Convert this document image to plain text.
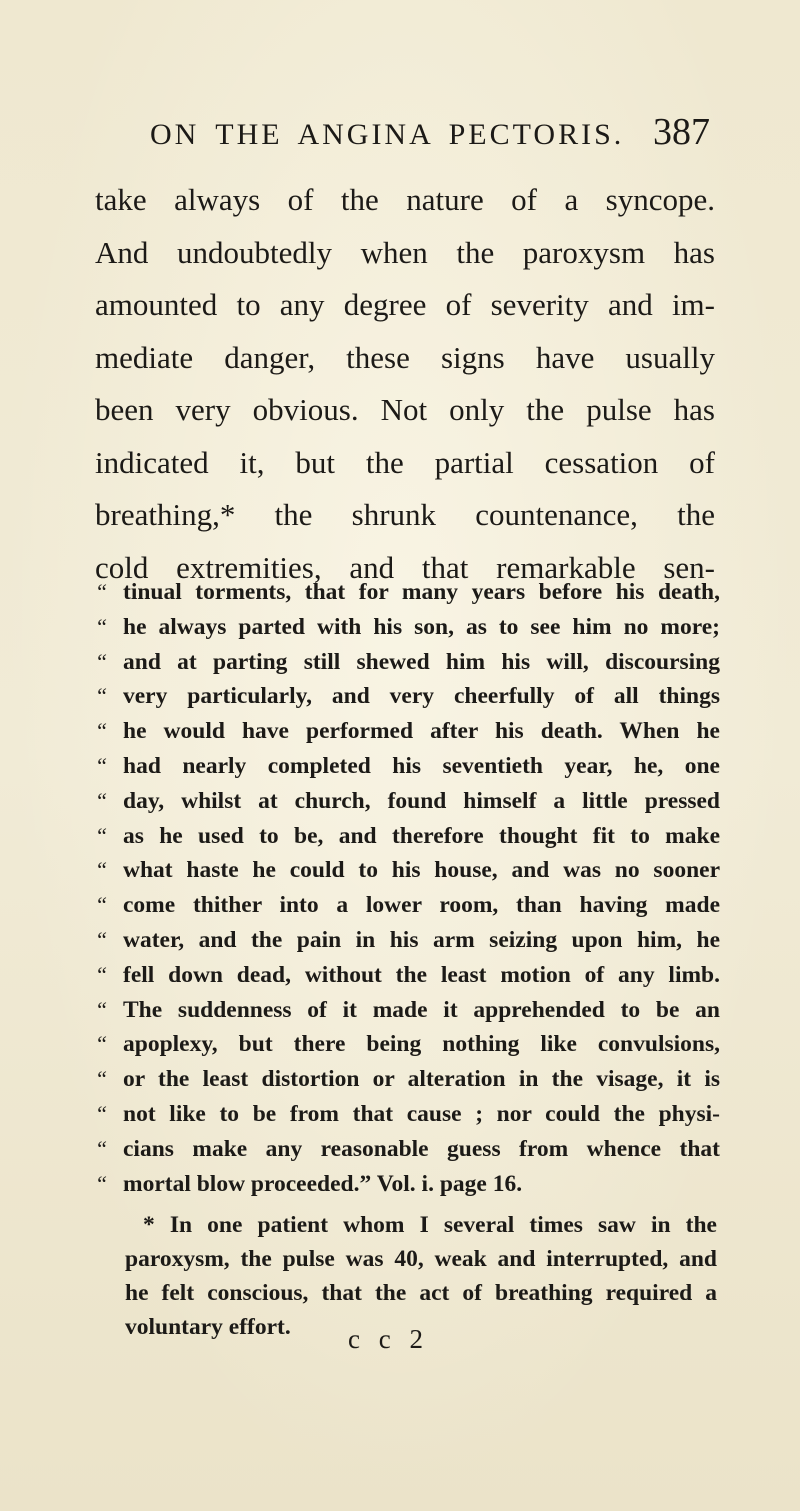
ON THE ANGINA PECTORIS. 387
take always of the nature of a syncope.
And undoubtedly when the paroxysm has
amounted to any degree of severity and im-
mediate danger, these signs have usually
been very obvious. Not only the pulse has
indicated it, but the partial cessation of
breathing,* the shrunk countenance, the
cold extremities, and that remarkable sen-
“ tinual torments, that for many years before his death,
“ he always parted with his son, as to see him no more;
“ and at parting still shewed him his will, discoursing
“ very particularly, and very cheerfully of all things
“ he would have performed after his death. When he
“ had nearly completed his seventieth year, he, one
“ day, whilst at church, found himself a little pressed
“ as he used to be, and therefore thought fit to make
“ what haste he could to his house, and was no sooner
“ come thither into a lower room, than having made
“ water, and the pain in his arm seizing upon him, he
“ fell down dead, without the least motion of any limb.
“ The suddenness of it made it apprehended to be an
“ apoplexy, but there being nothing like convulsions,
“ or the least distortion or alteration in the visage, it is
“ not like to be from that cause ; nor could the physi-
“ cians make any reasonable guess from whence that
“ mortal blow proceeded.” Vol. i. page 16.
* In one patient whom I several times saw in the
paroxysm, the pulse was 40, weak and interrupted, and
he felt conscious, that the act of breathing required a
voluntary effort.	c c 2
